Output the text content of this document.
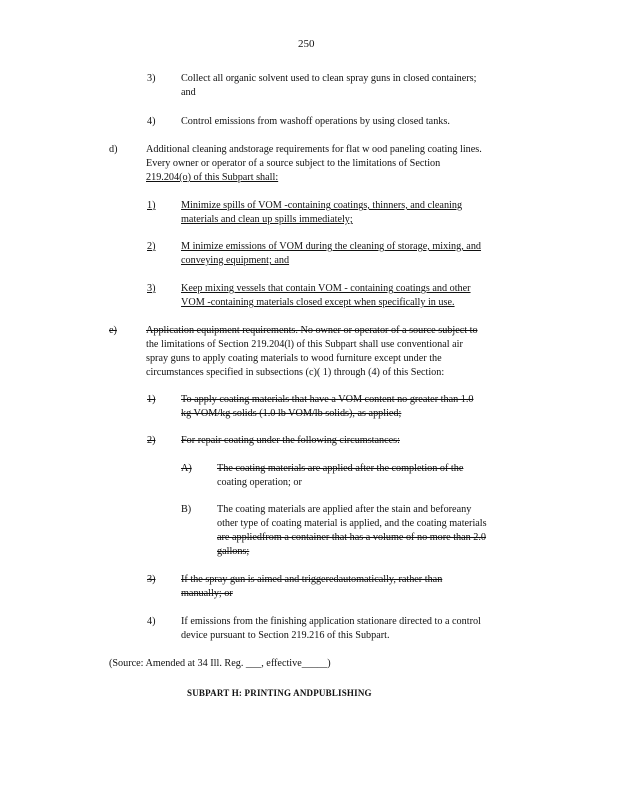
250
3)	Collect all organic solvent used to clean spray guns in closed containers;
and
4)	Control emissions from washoff operations by using closed tanks.
d)	Additional cleaning andstorage requirements for flat w ood paneling coating lines.
Every owner or operator of a source subject to the limitations of Section
219.204(o) of this Subpart shall:
1)	Minimize spills of VOM -containing coatings, thinners, and cleaning
materials and clean up spills immediately;
2)	M inimize emissions of VOM during the cleaning of storage, mixing, and
conveying equipment; and
3)	Keep mixing vessels that contain VOM - containing coatings and other
VOM -containing materials closed except when specifically in use.
e)	Application equipment requirements. No owner or operator of a source subject to
the limitations of Section 219.204(l) of this Subpart shall use conventional air
spray guns to apply coating materials to wood furniture except under the
circumstances specified in subsections (c)( 1) through (4) of this Section:
1)	To apply coating materials that have a VOM content no greater than 1.0
kg VOM/kg solids (1.0 lb VOM/lb solids), as applied;
2)	For repair coating under the following circumstances:
A) The coating materials are applied after the completion of the
coating operation; or
B)	The coating materials are applied after the stain and beforeany
other type of coating material is applied, and the coating materials
are appliedfrom a container that has a volume of no more than 2.0
gallons;
3)	If the spray gun is aimed and triggeredautomatically, rather than
manually; or
4)	If emissions from the finishing application stationare directed to a control
device pursuant to Section 219.216 of this Subpart.
(Source: Amended at 34 Ill. Reg. ___, effective_____)
SUBPART H: PRINTING ANDPUBLISHING
